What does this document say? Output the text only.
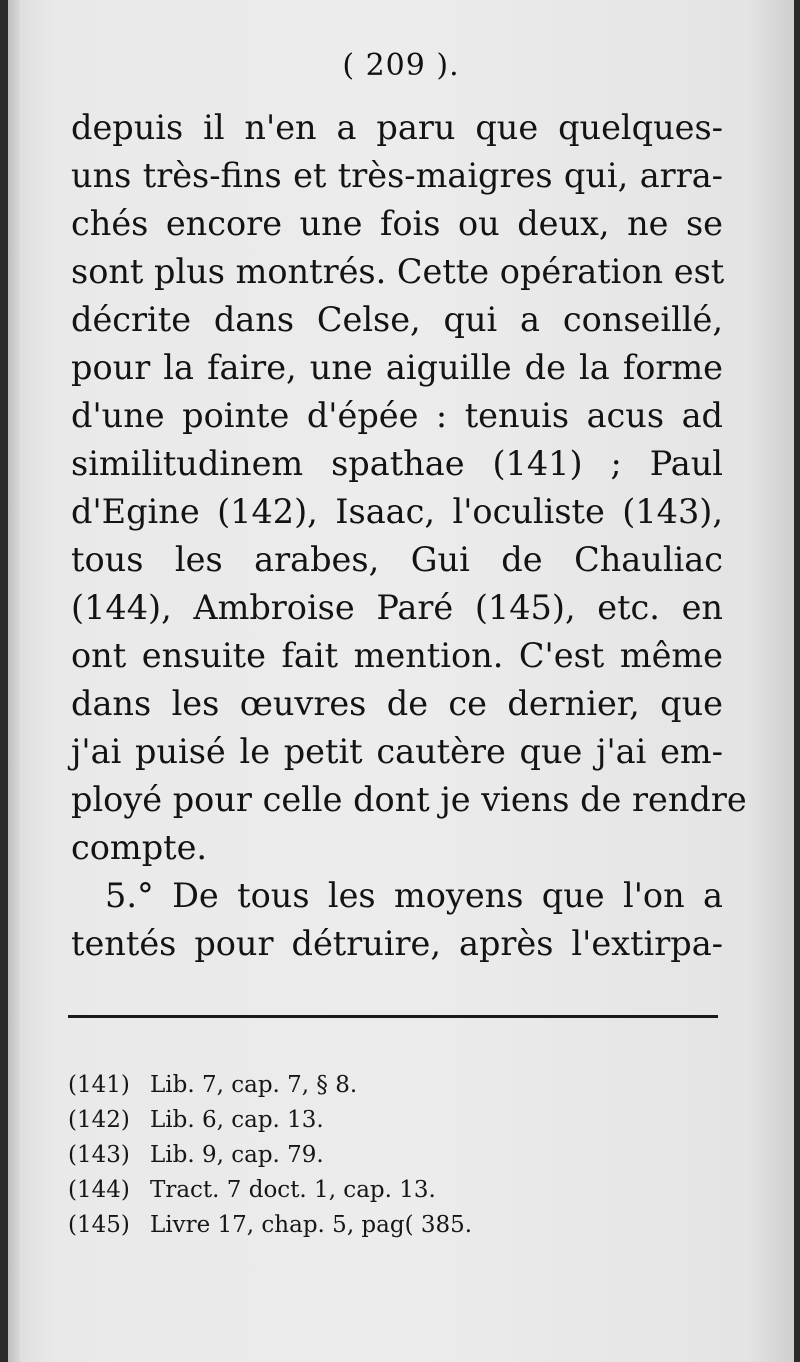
( 209 ).
depuis il n'en a paru que quelques-
uns très-fins et très-maigres qui, arra-
chés encore une fois ou deux, ne se
sont plus montrés. Cette opération est
décrite dans Celse, qui a conseillé,
pour la faire, une aiguille de la forme
d'une pointe d'épée : tenuis acus ad
similitudinem spathae (141) ; Paul
d'Egine (142), Isaac, l'oculiste (143),
tous les arabes, Gui de Chauliac
(144), Ambroise Paré (145), etc. en
ont ensuite fait mention. C'est même
dans les œuvres de ce dernier, que
j'ai puisé le petit cautère que j'ai em-
ployé pour celle dont je viens de rendre
compte.
5.° De tous les moyens que l'on a
tentés pour détruire, après l'extirpa-
(141) Lib. 7, cap. 7, § 8.
(142) Lib. 6, cap. 13.
(143) Lib. 9, cap. 79.
(144) Tract. 7 doct. 1, cap. 13.
(145) Livre 17, chap. 5, pag( 385.
